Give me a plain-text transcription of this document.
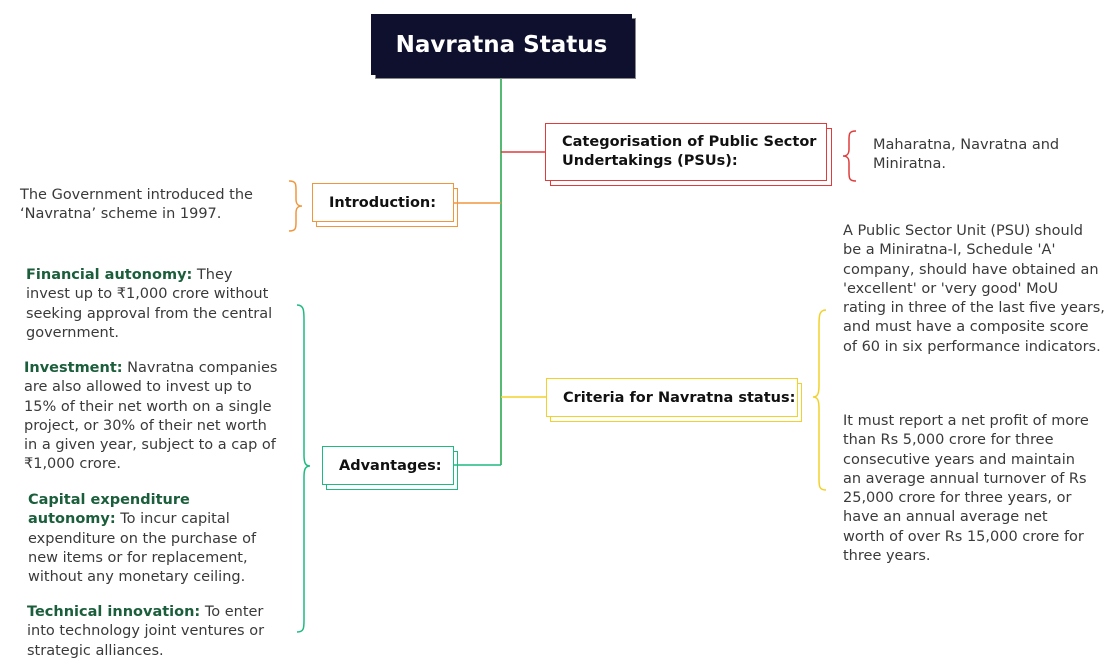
Navratna Status
Categorisation of Public Sector Undertakings (PSUs):
Maharatna, Navratna and Miniratna.
Introduction:
The Government introduced the ‘Navratna’ scheme in 1997.
Criteria for Navratna status:
A Public Sector Unit (PSU) should be a Miniratna-I, Schedule 'A' company, should have obtained an 'excellent' or 'very good' MoU rating in three of the last five years, and must have a composite score of 60 in six performance indicators.
It must report a net profit of more than Rs 5,000 crore for three consecutive years and maintain an average annual turnover of Rs 25,000 crore for three years, or have an annual average net worth of over Rs 15,000 crore for three years.
Advantages:
Financial autonomy: They invest up to ₹1,000 crore without seeking approval from the central government.
Investment: Navratna companies are also allowed to invest up to 15% of their net worth on a single project, or 30% of their net worth in a given year, subject to a cap of ₹1,000 crore.
Capital expenditure autonomy: To incur capital expenditure on the purchase of new items or for replacement, without any monetary ceiling.
Technical innovation: To enter into technology joint ventures or strategic alliances.
